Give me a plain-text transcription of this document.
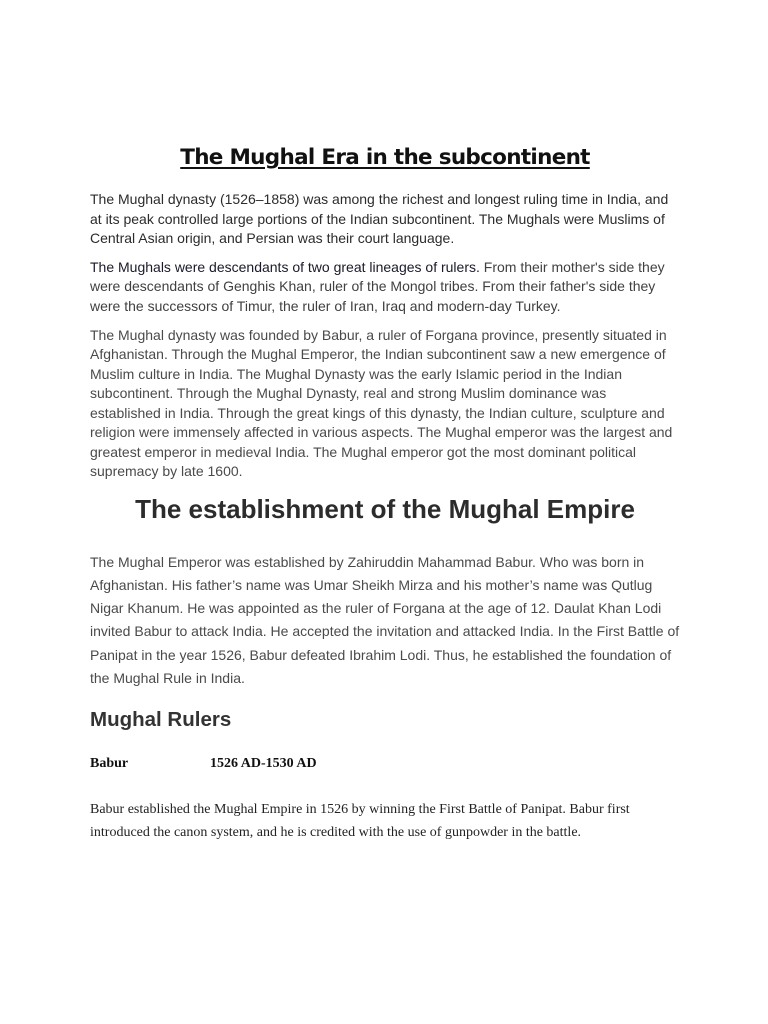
The Mughal Era in the subcontinent

The Mughal dynasty (1526–1858) was among the richest and longest ruling time in India, and at its peak controlled large portions of the Indian subcontinent. The Mughals were Muslims of Central Asian origin, and Persian was their court language.

The Mughals were descendants of two great lineages of rulers. From their mother's side they were descendants of Genghis Khan, ruler of the Mongol tribes. From their father's side they were the successors of Timur, the ruler of Iran, Iraq and modern-day Turkey.

The Mughal dynasty was founded by Babur, a ruler of Forgana province, presently situated in Afghanistan. Through the Mughal Emperor, the Indian subcontinent saw a new emergence of Muslim culture in India. The Mughal Dynasty was the early Islamic period in the Indian subcontinent. Through the Mughal Dynasty, real and strong Muslim dominance was established in India. Through the great kings of this dynasty, the Indian culture, sculpture and religion were immensely affected in various aspects. The Mughal emperor was the largest and greatest emperor in medieval India. The Mughal emperor got the most dominant political supremacy by late 1600.

The establishment of the Mughal Empire

The Mughal Emperor was established by Zahiruddin Mahammad Babur. Who was born in Afghanistan. His father’s name was Umar Sheikh Mirza and his mother’s name was Qutlug Nigar Khanum. He was appointed as the ruler of Forgana at the age of 12. Daulat Khan Lodi invited Babur to attack India. He accepted the invitation and attacked India. In the First Battle of Panipat in the year 1526, Babur defeated Ibrahim Lodi. Thus, he established the foundation of the Mughal Rule in India.

Mughal Rulers
Babur	1526 AD-1530 AD

Babur established the Mughal Empire in 1526 by winning the First Battle of Panipat. Babur first introduced the canon system, and he is credited with the use of gunpowder in the battle.
